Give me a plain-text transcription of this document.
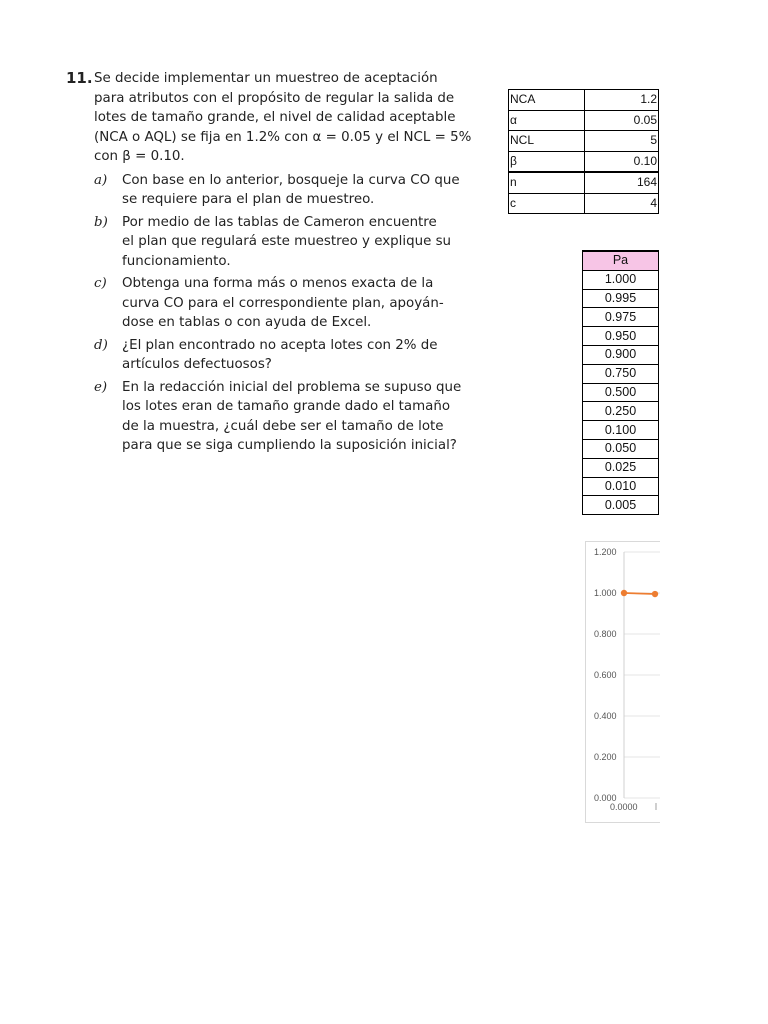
11. Se decide implementar un muestreo de aceptación
para atributos con el propósito de regular la salida de
lotes de tamaño grande, el nivel de calidad aceptable
(NCA o AQL) se fija en 1.2% con α = 0.05 y el NCL = 5%
con β = 0.10.
a) Con base en lo anterior, bosqueje la curva CO que
se requiere para el plan de muestreo.
b) Por medio de las tablas de Cameron encuentre
el plan que regulará este muestreo y explique su
funcionamiento.
c) Obtenga una forma más o menos exacta de la
curva CO para el correspondiente plan, apoyán-
dose en tablas o con ayuda de Excel.
d) ¿El plan encontrado no acepta lotes con 2% de
artículos defectuosos?
e) En la redacción inicial del problema se supuso que
los lotes eran de tamaño grande dado el tamaño
de la muestra, ¿cuál debe ser el tamaño de lote
para que se siga cumpliendo la suposición inicial?
NCA	1.2
α	0.05
NCL	5
β	0.10
n	164
c	4
Pa
1.000
0.995
0.975
0.950
0.900
0.750
0.500
0.250
0.100
0.050
0.025
0.010
0.005
1.200
1.000
0.800
0.600
0.400
0.200
0.000
0.0000
